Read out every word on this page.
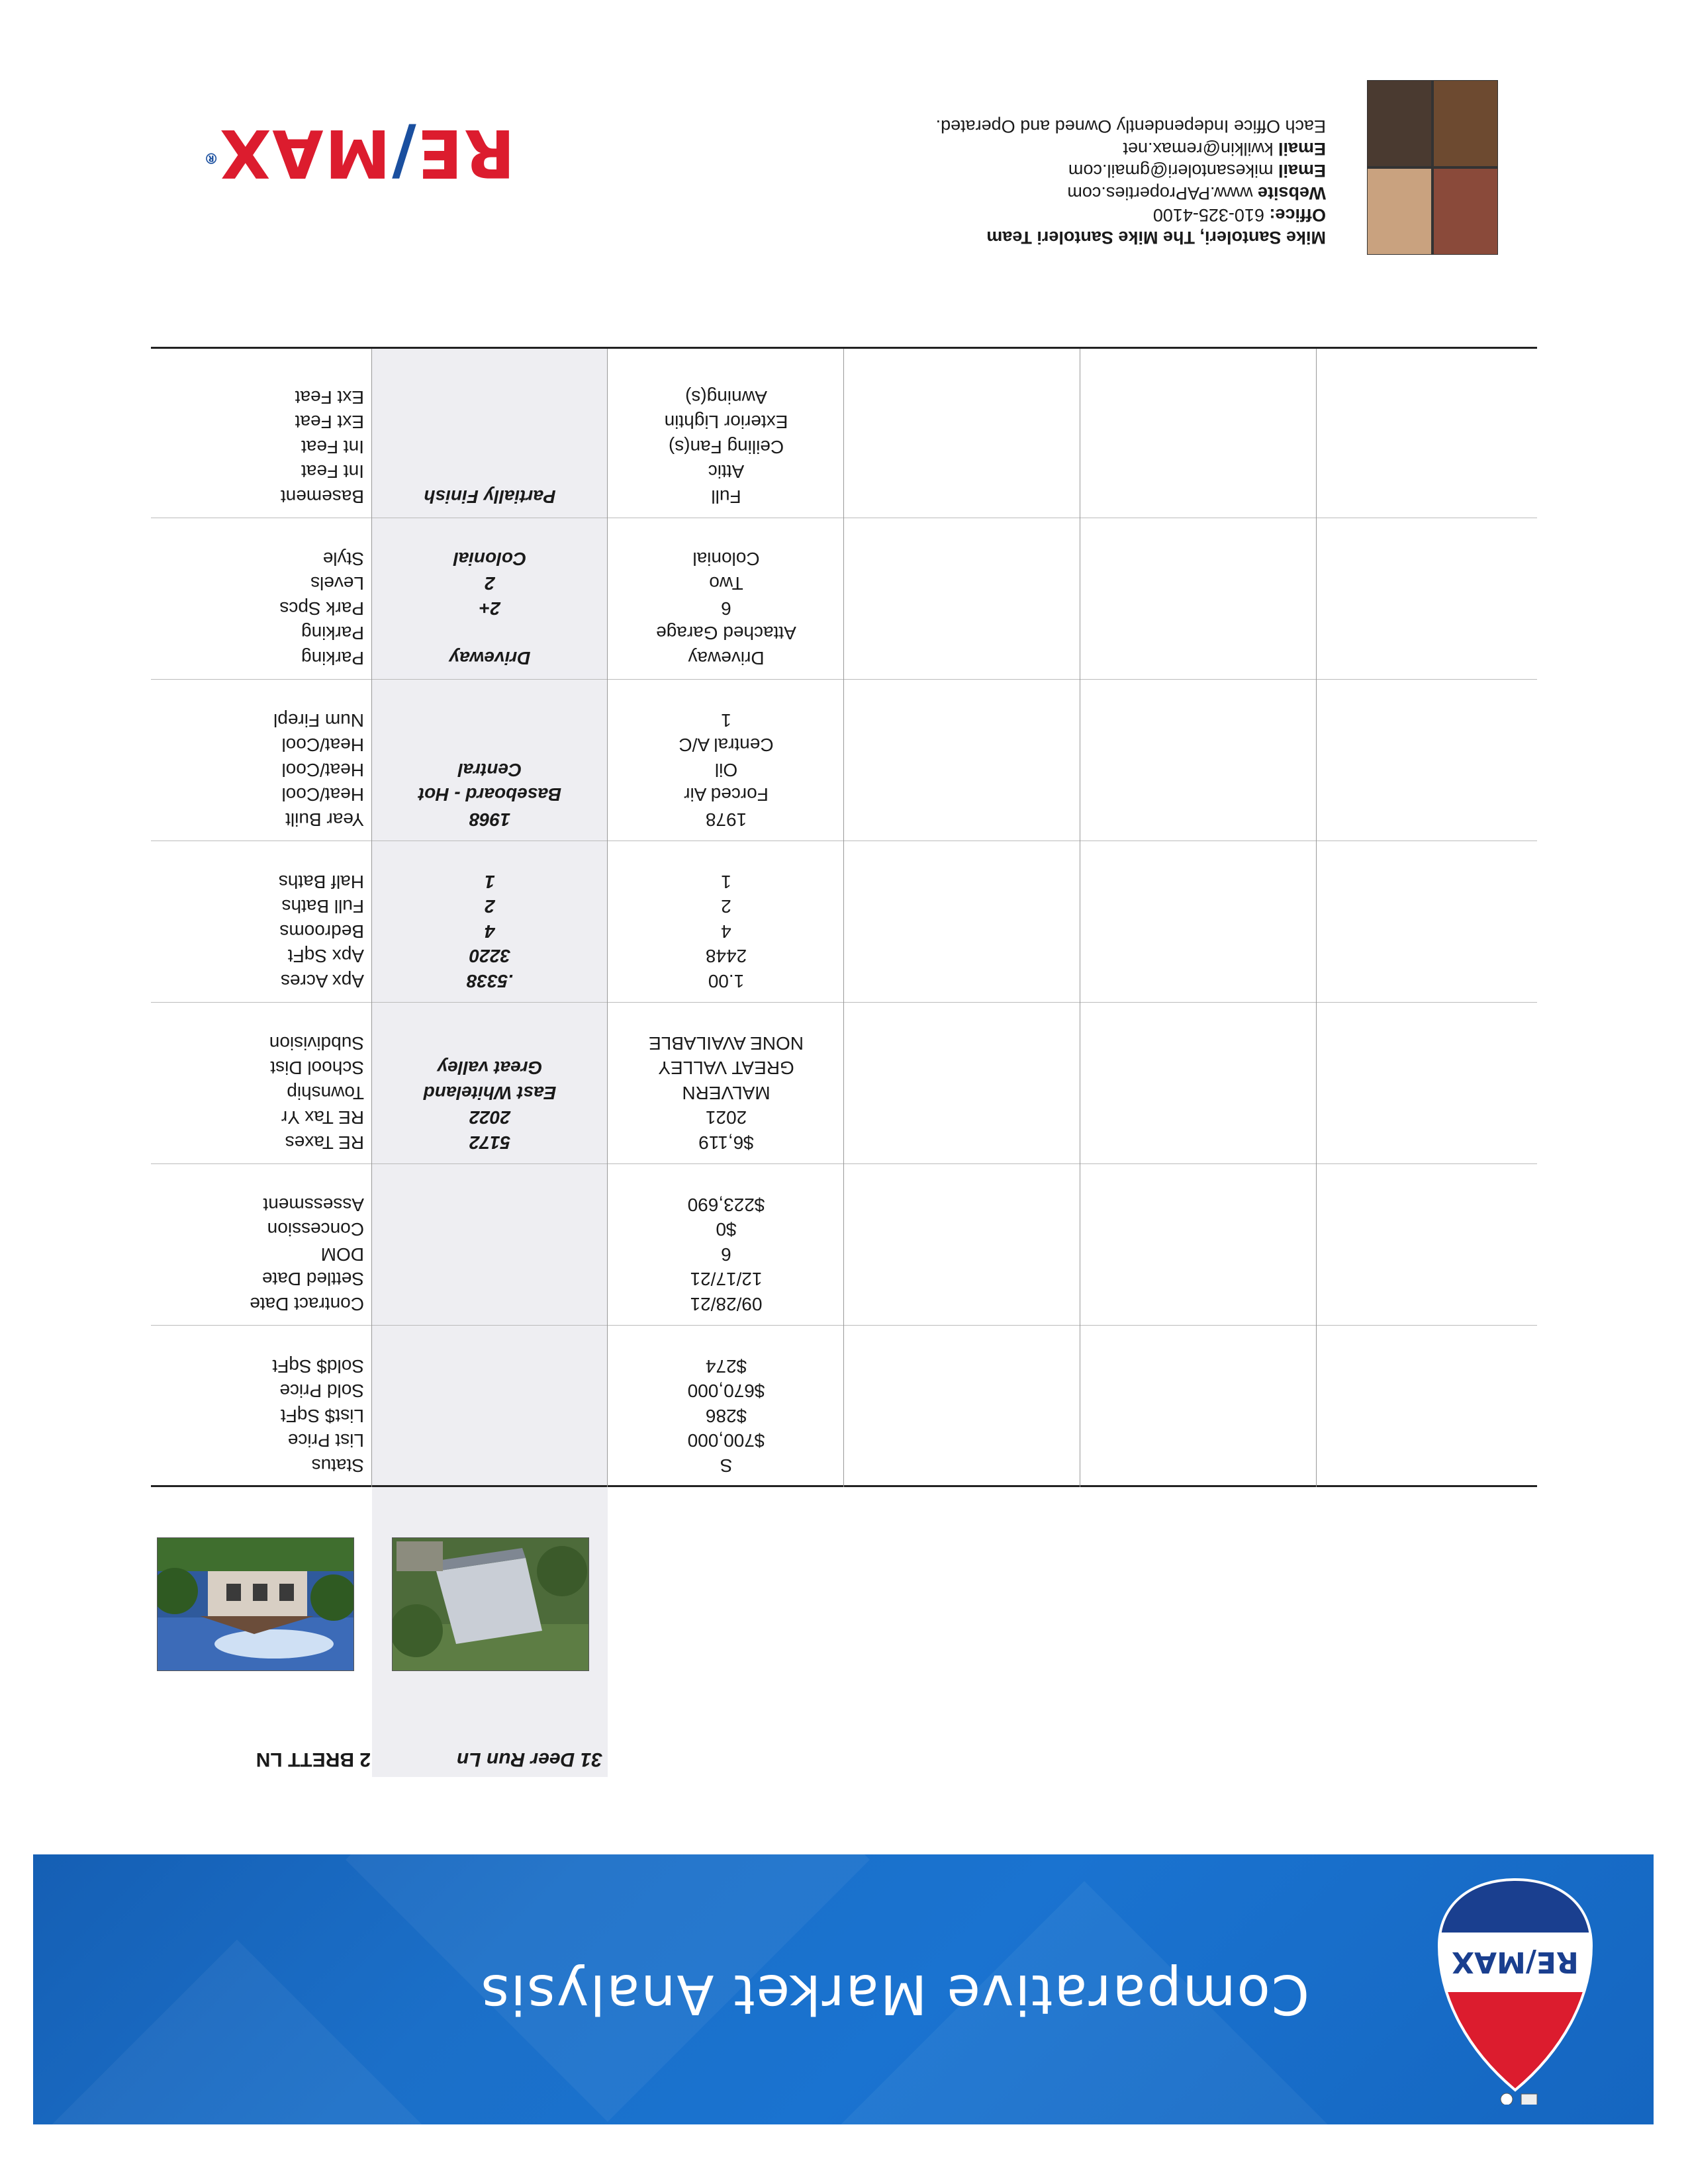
RE/MAX
Comparative Market Analysis
31 Deer Run Ln
2 BRETT LN
Status
List Price
List$ SqFt
Sold Price
Sold$ SqFt
Contract Date
Settled Date
DOM
Concession
Assessment
RE Taxes
RE Tax Yr
Township
School Dist
Subdivision
Apx Acres
Apx SqFt
Bedrooms
Full Baths
Half Baths
Year Built
Heat/Cool
Heat/Cool
Heat/Cool
Num Firepl
Parking
Parking
Park Spcs
Levels
Style
Basement
Int Feat
Int Feat
Ext Feat
Ext Feat
5172
2022
East Whiteland
Great valley
.5338
3220
4
2
1
1968
Baseboard - Hot
Central
Driveway
2+
2
Colonial
Partially Finish
S
$700,000
$286
$670,000
$274
09/28/21
12/17/21
6
$0
$223,690
$6,119
2021
MALVERN
GREAT VALLEY
NONE AVAILABLE
1.00
2448
4
2
1
1978
Forced Air
Oil
Central A/C
1
Driveway
Attached Garage
6
Two
Colonial
Full
Attic
Ceiling Fan(s)
Exterior Lightin
Awning(s)
Mike Santoleri, The Mike Santoleri Team
Office: 610-325-4100
Website www.PAProperties.com
Email mikesantoleri@gmail.com
Email kwilkin@remax.net
Each Office Independently Owned and Operated.
RE/MAX®
